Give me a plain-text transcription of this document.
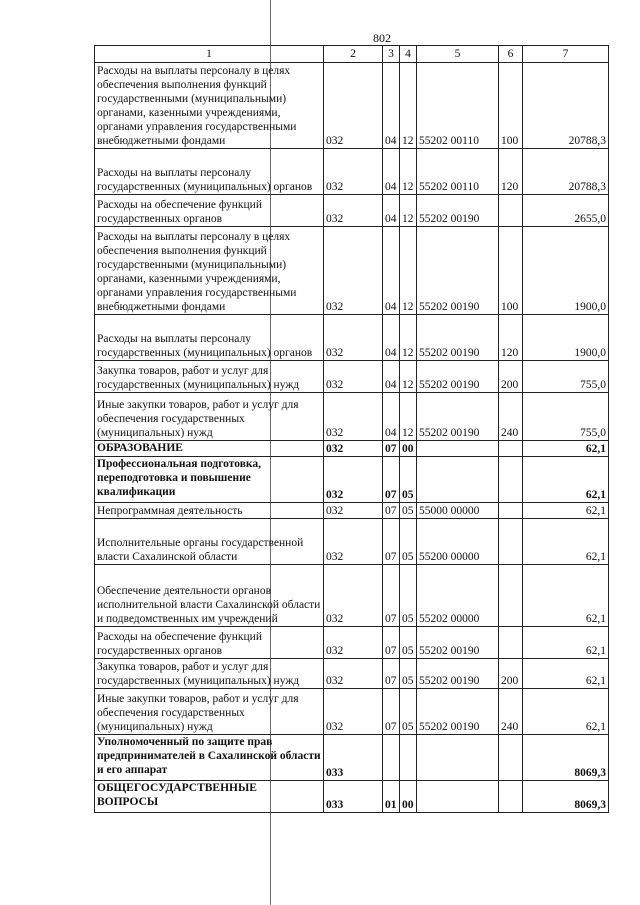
802
1	2	3	4	5	6	7
Расходы на выплаты персоналу в целях обеспечения выполнения функций государственными (муниципальными) органами, казенными учреждениями, органами управления государственными внебюджетными фондами	032	04	12	55202 00110	100	20788,3
Расходы на выплаты персоналу государственных (муниципальных) органов	032	04	12	55202 00110	120	20788,3
Расходы на обеспечение функций государственных органов	032	04	12	55202 00190		2655,0
Расходы на выплаты персоналу в целях обеспечения выполнения функций государственными (муниципальными) органами, казенными учреждениями, органами управления государственными внебюджетными фондами	032	04	12	55202 00190	100	1900,0
Расходы на выплаты персоналу государственных (муниципальных) органов	032	04	12	55202 00190	120	1900,0
Закупка товаров, работ и услуг для государственных (муниципальных) нужд	032	04	12	55202 00190	200	755,0
Иные закупки товаров, работ и услуг для обеспечения государственных (муниципальных) нужд	032	04	12	55202 00190	240	755,0
ОБРАЗОВАНИЕ	032	07	00			62,1
Профессиональная подготовка, переподготовка и повышение квалификации	032	07	05			62,1
Непрограммная деятельность	032	07	05	55000 00000		62,1
Исполнительные органы государственной власти Сахалинской области	032	07	05	55200 00000		62,1
Обеспечение деятельности органов исполнительной власти Сахалинской области и подведомственных им учреждений	032	07	05	55202 00000		62,1
Расходы на обеспечение функций государственных органов	032	07	05	55202 00190		62,1
Закупка товаров, работ и услуг для государственных (муниципальных) нужд	032	07	05	55202 00190	200	62,1
Иные закупки товаров, работ и услуг для обеспечения государственных (муниципальных) нужд	032	07	05	55202 00190	240	62,1
Уполномоченный по защите прав предпринимателей в Сахалинской области и его аппарат	033					8069,3
ОБЩЕГОСУДАРСТВЕННЫЕ ВОПРОСЫ	033	01	00			8069,3
